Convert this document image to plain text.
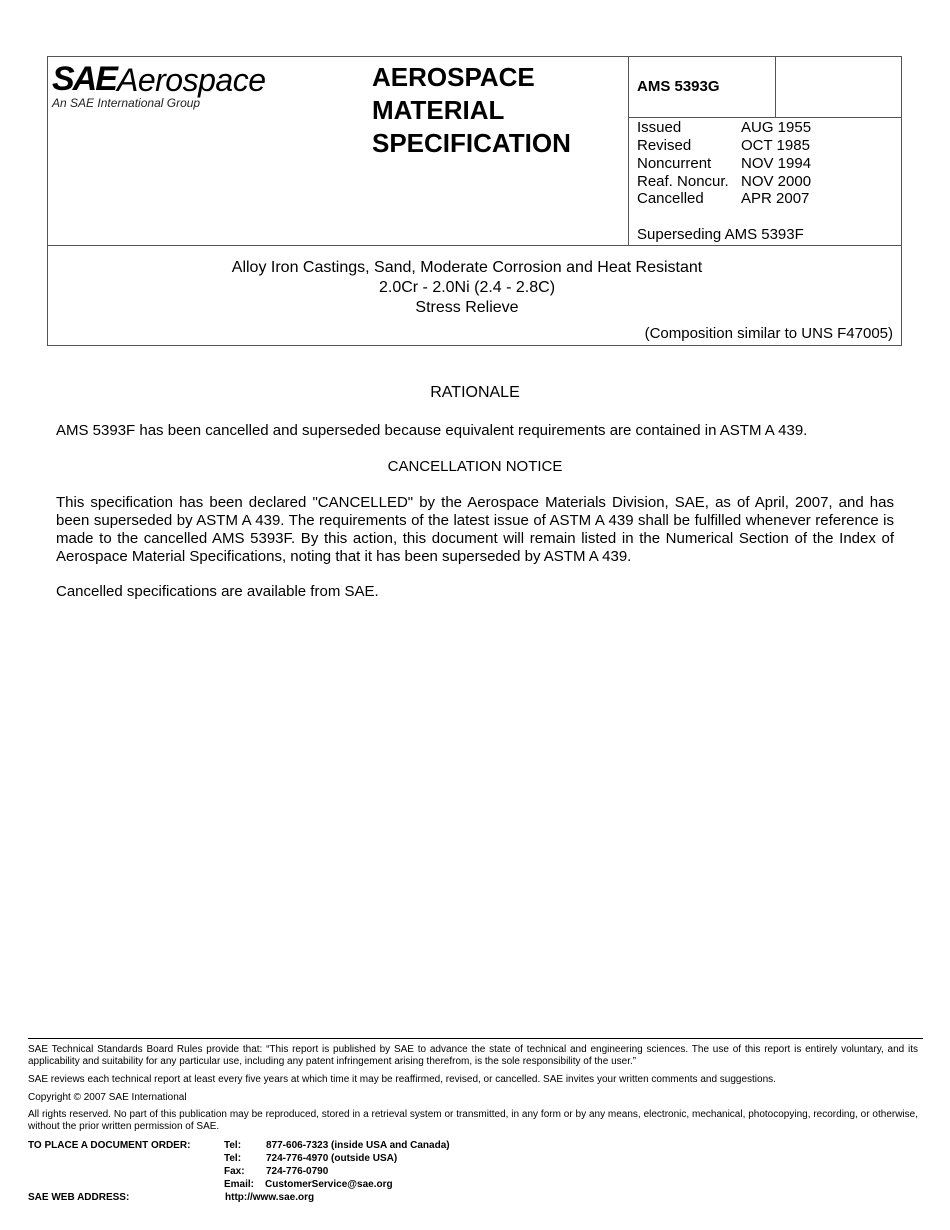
SAE Aerospace
An SAE International Group
AEROSPACE
MATERIAL
SPECIFICATION
AMS 5393G
Issued	AUG 1955
Revised	OCT 1985
Noncurrent NOV 1994
Reaf. Noncur. NOV 2000
Cancelled APR 2007
Superseding AMS 5393F
Alloy Iron Castings, Sand, Moderate Corrosion and Heat Resistant
2.0Cr - 2.0Ni (2.4 - 2.8C)
Stress Relieve
(Composition similar to UNS F47005)
RATIONALE
AMS 5393F has been cancelled and superseded because equivalent requirements are contained in ASTM A 439.
CANCELLATION NOTICE
This specification has been declared "CANCELLED" by the Aerospace Materials Division, SAE, as of April, 2007, and has been superseded by ASTM A 439. The requirements of the latest issue of ASTM A 439 shall be fulfilled whenever reference is made to the cancelled AMS 5393F. By this action, this document will remain listed in the Numerical Section of the Index of Aerospace Material Specifications, noting that it has been superseded by ASTM A 439.
Cancelled specifications are available from SAE.
SAE Technical Standards Board Rules provide that: “This report is published by SAE to advance the state of technical and engineering sciences. The use of this report is entirely voluntary, and its applicability and suitability for any particular use, including any patent infringement arising therefrom, is the sole responsibility of the user.”
SAE reviews each technical report at least every five years at which time it may be reaffirmed, revised, or cancelled. SAE invites your written comments and suggestions.
Copyright © 2007 SAE International
All rights reserved. No part of this publication may be reproduced, stored in a retrieval system or transmitted, in any form or by any means, electronic, mechanical, photocopying, recording, or otherwise, without the prior written permission of SAE.
TO PLACE A DOCUMENT ORDER:	Tel: 877-606-7323 (inside USA and Canada)
Tel: 724-776-4970 (outside USA)
Fax: 724-776-0790
Email: CustomerService@sae.org
SAE WEB ADDRESS:	http://www.sae.org
